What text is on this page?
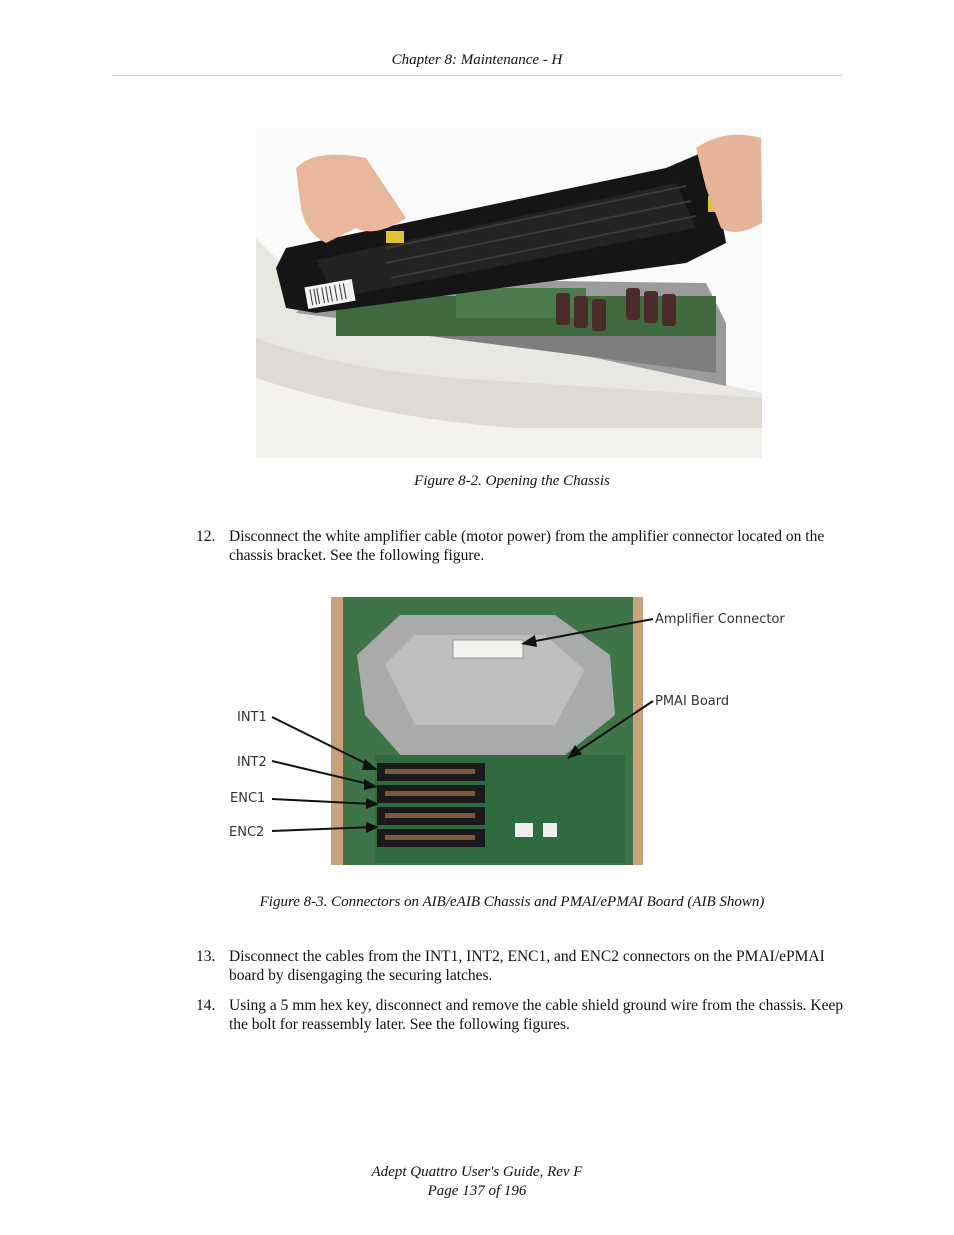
Chapter 8: Maintenance - H
Figure 8-2. Opening the Chassis
12. Disconnect the white amplifier cable (motor power) from the amplifier connector located on the chassis bracket. See the following figure.
Amplifier Connector
PMAI Board
INT1
INT2
ENC1
ENC2
Figure 8-3. Connectors on AIB/eAIB Chassis and PMAI/ePMAI Board (AIB Shown)
13. Disconnect the cables from the INT1, INT2, ENC1, and ENC2 connectors on the PMAI/ePMAI board by disengaging the securing latches.
14. Using a 5 mm hex key, disconnect and remove the cable shield ground wire from the chassis. Keep the bolt for reassembly later. See the following figures.
Adept Quattro User's Guide, Rev F
Page 137 of 196
